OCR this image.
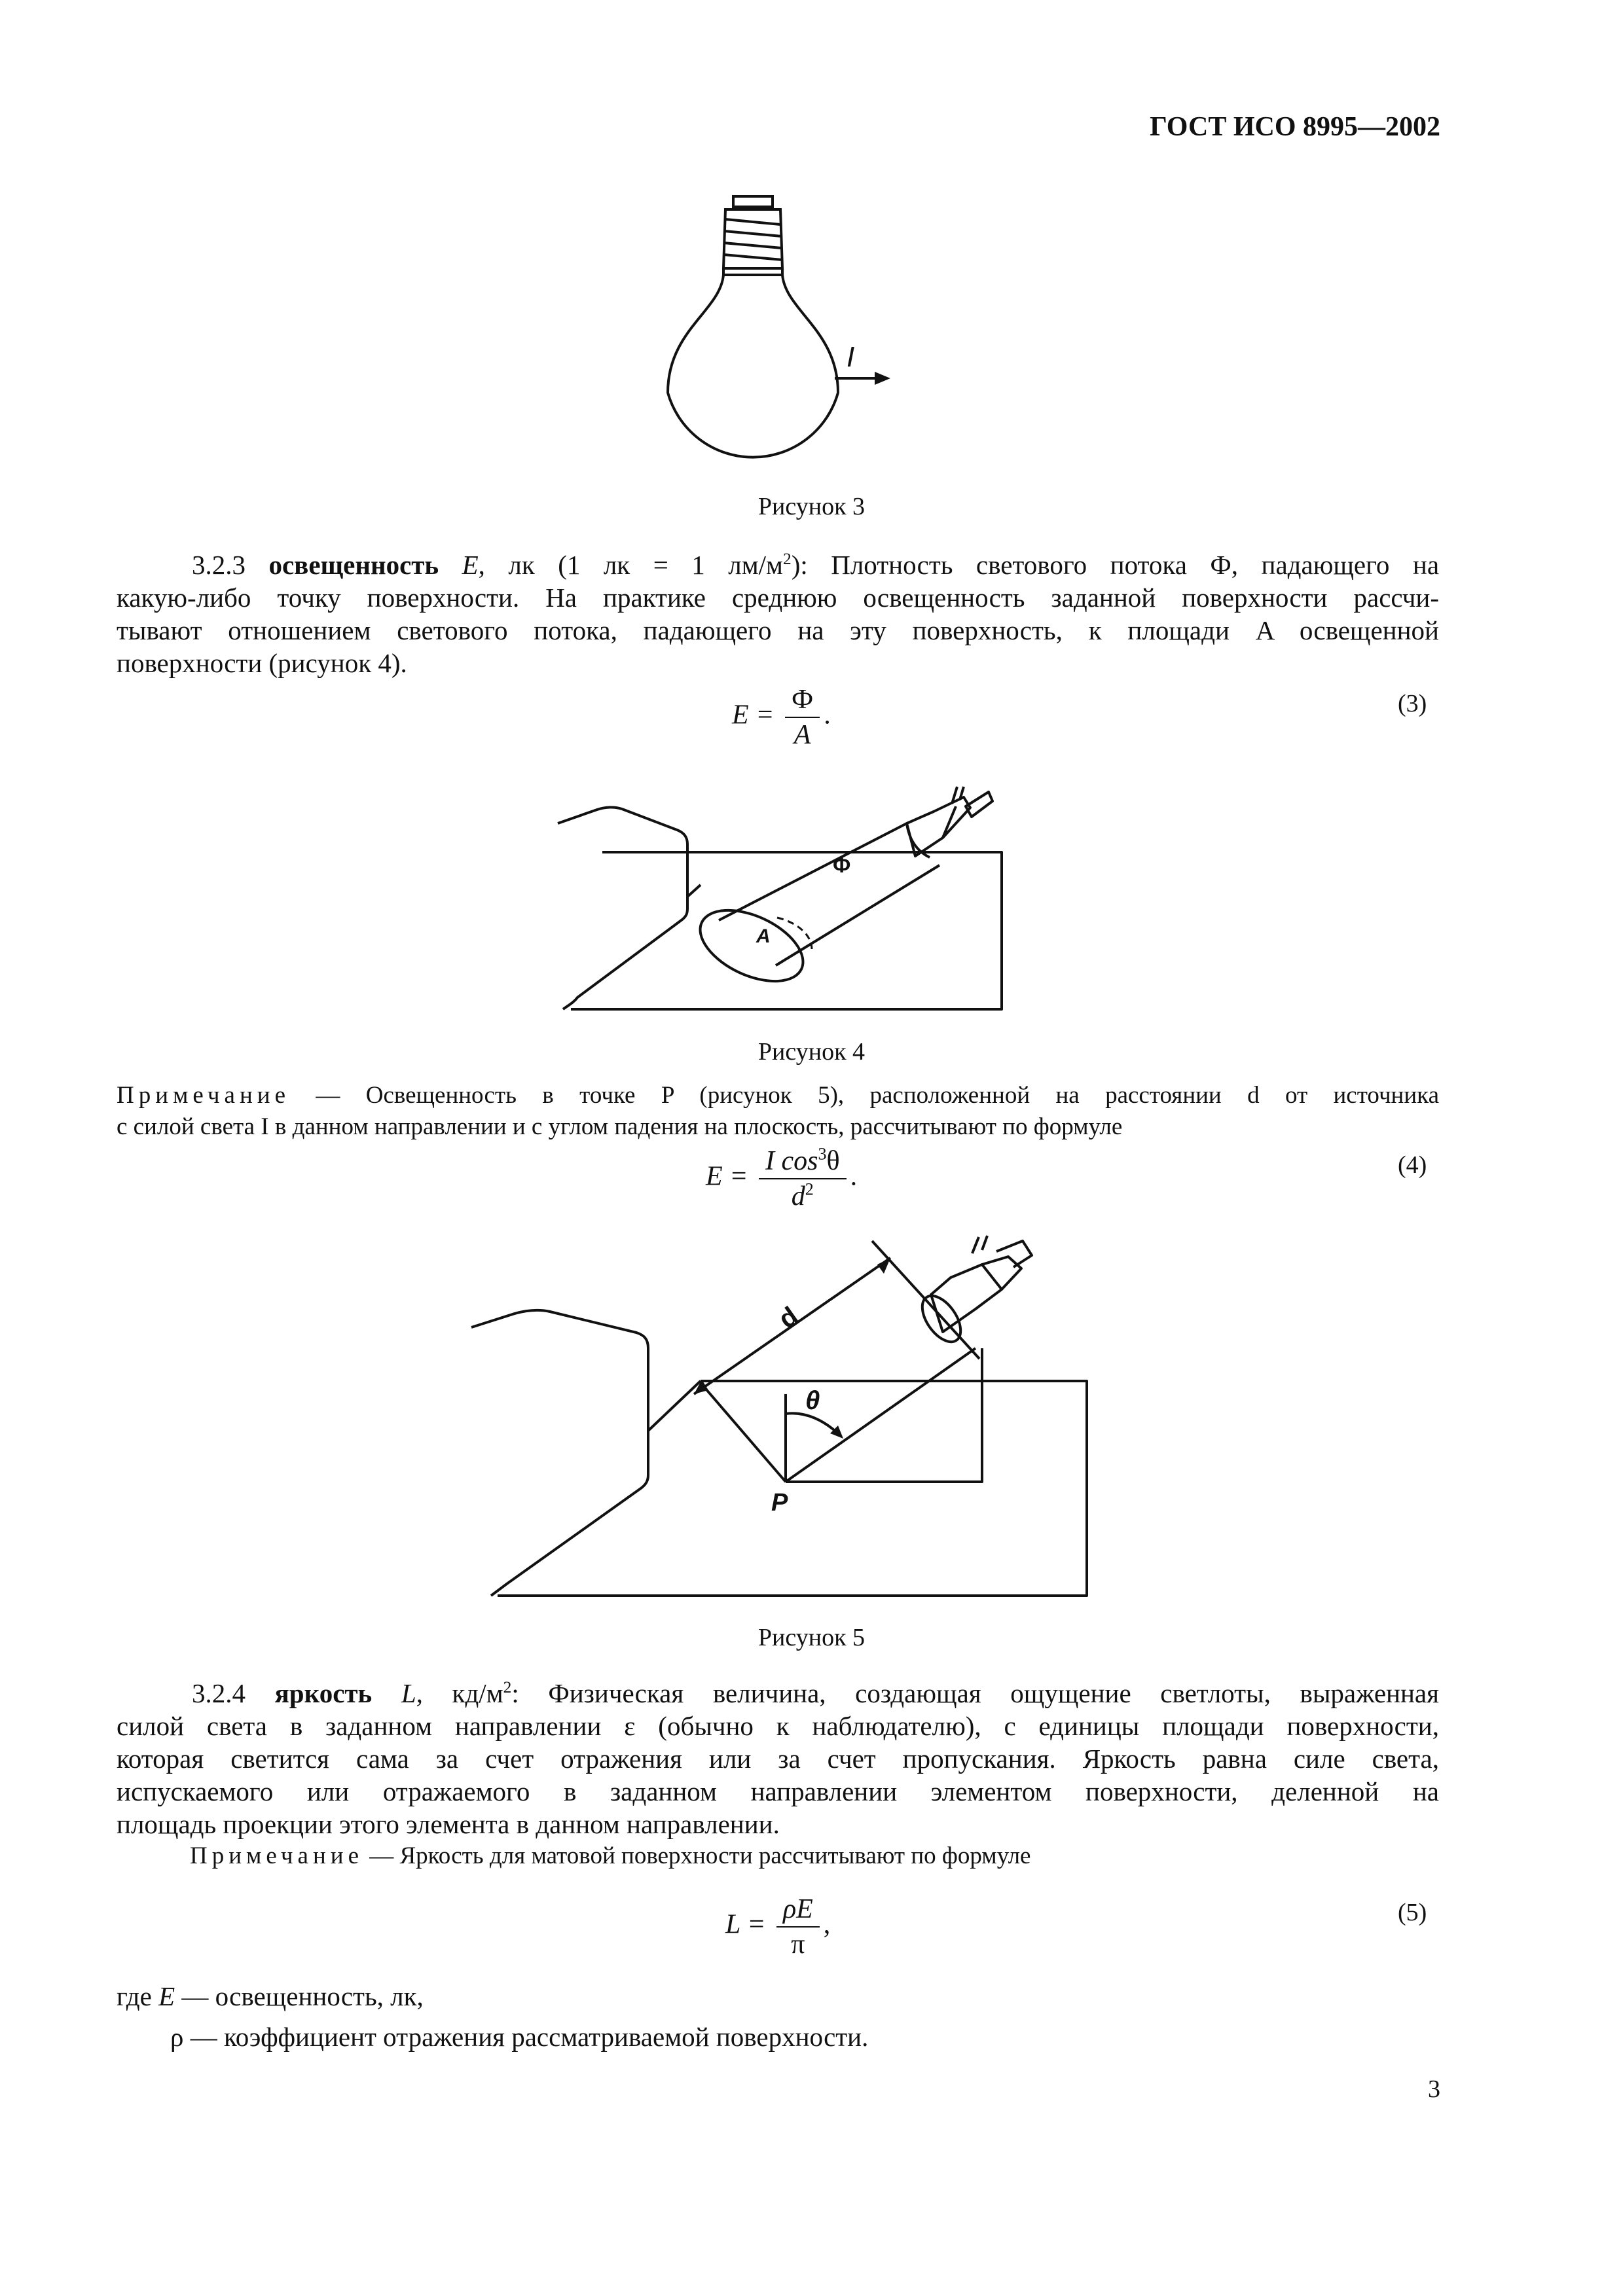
ГОСТ ИСО 8995—2002
I
Рисунок 3
3.2.3 освещенность E, лк (1 лк = 1 $лм/м^2$): Плотность светового потока Ф, падающего на
какую-либо точку поверхности. На практике среднюю освещенность заданной поверхности рассчи-
тывают отношением светового потока, падающего на эту поверхность, к площади A освещенной
поверхности (рисунок 4).
$E = \frac{Ф}{A}$ .	(3)
A
Ф
Рисунок 4
Примечание — Освещенность в точке P (рисунок 5), расположенной на расстоянии d от источника
с силой света I в данном направлении и с углом падения на плоскость, рассчитывают по формуле
$E = \frac{I \cos^3\theta}{d^2}$ .	(4)
d
θ
P
Рисунок 5
3.2.4 яркость L, $кд/м^2$: Физическая величина, создающая ощущение светлоты, выраженная
силой света в заданном направлении ε (обычно к наблюдателю), с единицы площади поверхности,
которая светится сама за счет отражения или за счет пропускания. Яркость равна силе света,
испускаемого или отражаемого в заданном направлении элементом поверхности, деленной на
площадь проекции этого элемента в данном направлении.
Примечание — Яркость для матовой поверхности рассчитывают по формуле
$L = \frac{\rho E}{\pi}$ ,	(5)
где E — освещенность, лк,
ρ — коэффициент отражения рассматриваемой поверхности.
3
